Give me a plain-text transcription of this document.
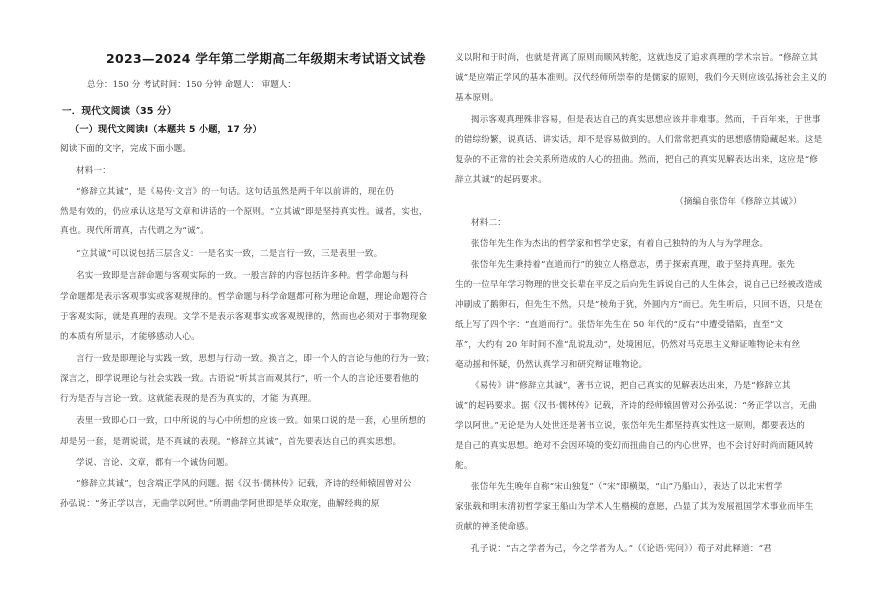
2023—2024 学年第二学期高二年级期末考试语文试卷
总分：150 分 考试时间：150 分钟 命题人： 审题人：
一．现代文阅读（35 分）
（一）现代文阅读Ⅰ（本题共 5 小题，17 分）
阅读下面的文字，完成下面小题。
材料一：
“修辞立其诚”，是《易传·文言》的一句话。这句话虽然是两千年以前讲的，现在仍
然是有效的，仍应承认这是写文章和讲话的一个原则。“立其诚”即是坚持真实性。诚者，实也，
真也。现代所谓真，古代谓之为“诚”。
“立其诚”可以说包括三层含义：一是名实一致，二是言行一致，三是表里一致。
名实一致即是言辞命题与客观实际的一致。一般言辞的内容包括许多种。哲学命题与科
学命题都是表示客观事实或客观规律的。哲学命题与科学命题都可称为理论命题，理论命题符合
于客观实际，就是真理的表现。文学不是表示客观事实或客观规律的，然而也必须对于事物现象
的本质有所显示，才能够感动人心。
言行一致是即理论与实践一致，思想与行动一致。换言之，即一个人的言论与他的行为一致；
深言之，即学说理论与社会实践一致。古语说“听其言而观其行”，听一个人的言论还要看他的
行为是否与言论一致。这就能表现的是否为真实的，才能 为真理。
表里一致即心口一致，口中所说的与心中所想的应该一致。如果口说的是一套，心里所想的
却是另一套，是谓说谎，是不真诚的表现。“修辞立其诚”，首先要表达自己的真实思想。
学说、言论、文章，都有一个诚伪问题。
“修辞立其诚”，包含端正学风的问题。据《汉书·儒林传》记载，齐诗的经师辕固曾对公
孙弘说：“务正学以言，无曲学以阿世。”所谓曲学阿世即是毕众取宠，曲解经典的原
义以附和于时尚，也就是背离了原则而顺风转舵，这就违反了追求真理的学术宗旨。“修辞立其
诚”是应端正学风的基本准则。汉代经师所崇奉的是儒家的原则，我们今天则应该弘扬社会主义的
基本原则。
揭示客观真理殊非容易，但是表达自己的真实思想应该并非难事。然而，千百年来，于世事
的错综纷繁，说真话、讲实话，却不是容易做到的。人们常常把真实的思想感情隐藏起来。这是
复杂的不正常的社会关系所造成的人心的扭曲。然而，把自己的真实见解表达出来，这应是“修
辞立其诚”的起码要求。
（摘编自张岱年《修辞立其诚》）
材料二：
张岱年先生作为杰出的哲学家和哲学史家，有着自己独特的为人与为学理念。
张岱年先生秉持着“直道而行”的独立人格意志，勇于探索真理，敢于坚持真理。张先
生的一位早年学习物理的世交长辈在平反之后向先生诉说自己的人生体会，说自己已经被改造成
冲刷成了鹅卵石，但先生不然，只是“棱角于犹，外圆内方”而已。先生听后，只回不语，只是在
纸上写了四个字：“直道而行”。张岱年先生在 50 年代的“反右”中遭受错陷，直至“文
革”，大约有 20 年时间不准“乱说乱动”，处境困厄，仍然对马克思主义辩证唯物论未有丝
毫动摇和怀疑，仍然认真学习和研究辩证唯物论。
《易传》讲“修辞立其诚”，著书立说，把自己真实的见解表达出来，乃是“修辞立其
诚”的起码要求。据《汉书·儒林传》记载，齐诗的经师辕固曾对公孙弘说：“务正学以言，无曲
学以阿世。”无论是为人处世还是著书立说，张岱年先生都坚持真实性这一原则，都要表达的
是自己的真实思想。绝对不会因环境的变幻而扭曲自己的内心世界，也不会讨好时尚而随风转
舵。
张岱年先生晚年自称“宋山独复”（“宋”即横渠，“山”乃船山），表达了以北宋哲学
家张载和明末清初哲学家王船山为学术人生楷模的意愿，凸显了其为发展祖国学术事业而毕生
贡献的神圣使命感。
孔子说：“古之学者为己，今之学者为人。”（《论语·宪问》）荀子对此释道：“君
